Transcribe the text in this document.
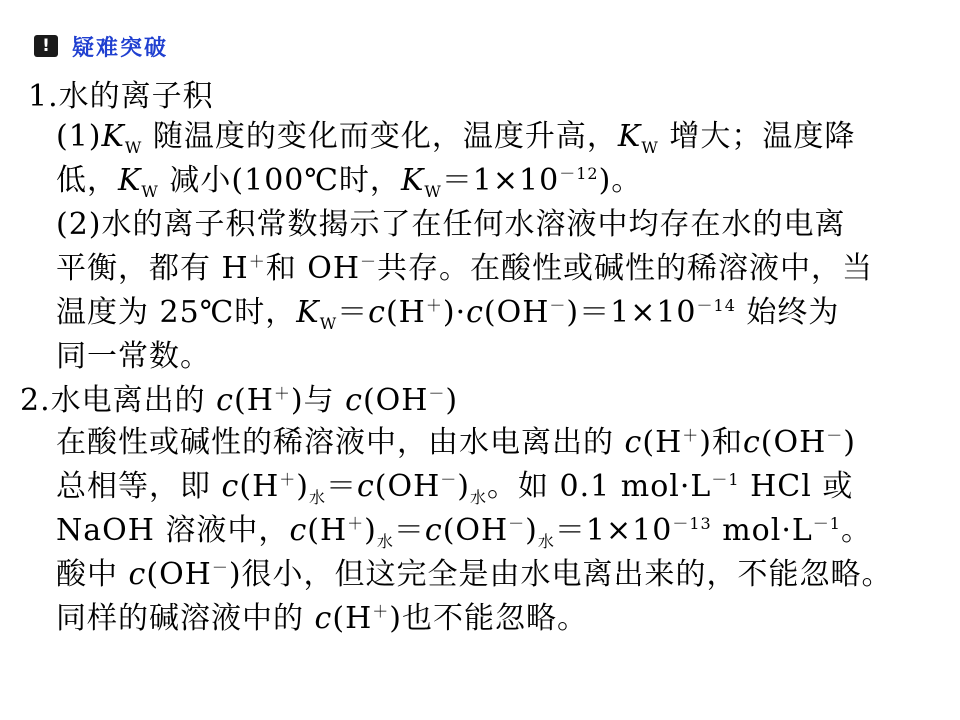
!	疑难突破
1.水的离子积
$(1)K_W$ 随温度的变化而变化，温度升高，$K_W$ 增大；温度降
低，$K_W$ 减小(100℃时，$K_W=1\times 10^{-12}$)。
(2)水的离子积常数揭示了在任何水溶液中均存在水的电离
平衡，都有 H＋和 OH－共存。在酸性或碱性的稀溶液中，当
温度为 25℃时，$K_W=c(H^+)\cdot c(OH^-)=1\times 10^{-14}$ 始终为
同一常数。
2.水电离出的 c(H＋)与 c(OH－)
在酸性或碱性的稀溶液中，由水电离出的 c(H＋)和c(OH－)
总相等，即 $c(H^+)_水=c(OH^-)_水$。如 0.1 $mol\cdot L^{-1}$ HCl 或
NaOH 溶液中，$c(H^+)_水=c(OH^-)_水=1\times 10^{-13}$ $mol\cdot L^{-1}$。
酸中 c(OH－)很小，但这完全是由水电离出来的，不能忽略。
同样的碱溶液中的 c(H＋)也不能忽略。
